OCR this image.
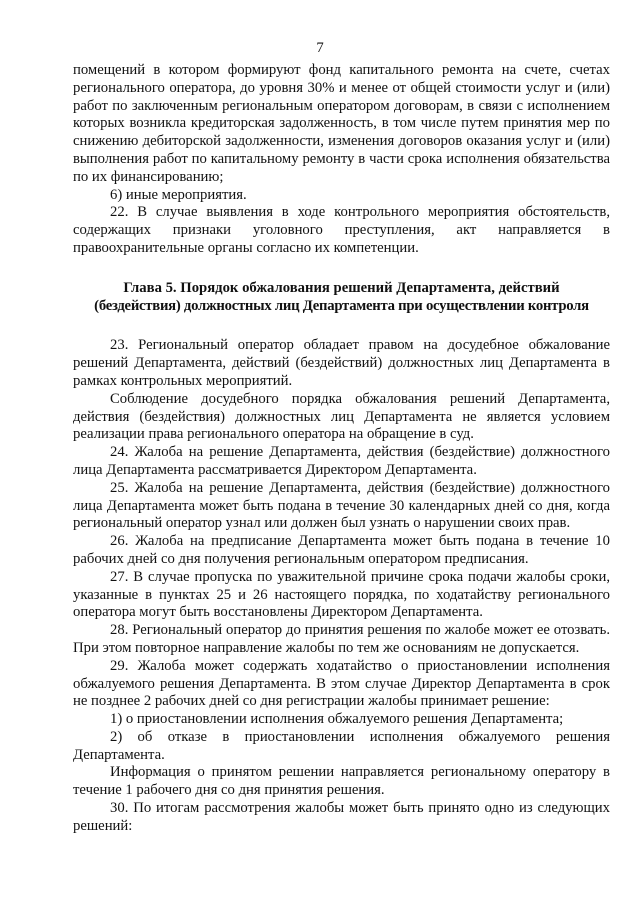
7

помещений в котором формируют фонд капитального ремонта на счете, счетах регионального оператора, до уровня 30% и менее от общей стоимости услуг и (или) работ по заключенным региональным оператором договорам, в связи с исполнением которых возникла кредиторская задолженность, в том числе путем принятия мер по снижению дебиторской задолженности, изменения договоров оказания услуг и (или) выполнения работ по капитальному ремонту в части срока исполнения обязательства по их финансированию;

6) иные мероприятия.

22. В случае выявления в ходе контрольного мероприятия обстоятельств, содержащих признаки уголовного преступления, акт направляется в правоохранительные органы согласно их компетенции.

Глава 5. Порядок обжалования решений Департамента, действий
(бездействия) должностных лиц Департамента при осуществлении контроля

23. Региональный оператор обладает правом на досудебное обжалование решений Департамента, действий (бездействий) должностных лиц Департамента в рамках контрольных мероприятий.

Соблюдение досудебного порядка обжалования решений Департамента, действия (бездействия) должностных лиц Департамента не является условием реализации права регионального оператора на обращение в суд.

24. Жалоба на решение Департамента, действия (бездействие) должностного лица Департамента рассматривается Директором Департамента.

25. Жалоба на решение Департамента, действия (бездействие) должностного лица Департамента может быть подана в течение 30 календарных дней со дня, когда региональный оператор узнал или должен был узнать о нарушении своих прав.

26. Жалоба на предписание Департамента может быть подана в течение 10 рабочих дней со дня получения региональным оператором предписания.

27. В случае пропуска по уважительной причине срока подачи жалобы сроки, указанные в пунктах 25 и 26 настоящего порядка, по ходатайству регионального оператора могут быть восстановлены Директором Департамента.

28. Региональный оператор до принятия решения по жалобе может ее отозвать. При этом повторное направление жалобы по тем же основаниям не допускается.

29. Жалоба может содержать ходатайство о приостановлении исполнения обжалуемого решения Департамента. В этом случае Директор Департамента в срок не позднее 2 рабочих дней со дня регистрации жалобы принимает решение:

1) о приостановлении исполнения обжалуемого решения Департамента;

2) об отказе в приостановлении исполнения обжалуемого решения Департамента.

Информация о принятом решении направляется региональному оператору в течение 1 рабочего дня со дня принятия решения.

30. По итогам рассмотрения жалобы может быть принято одно из следующих решений:
